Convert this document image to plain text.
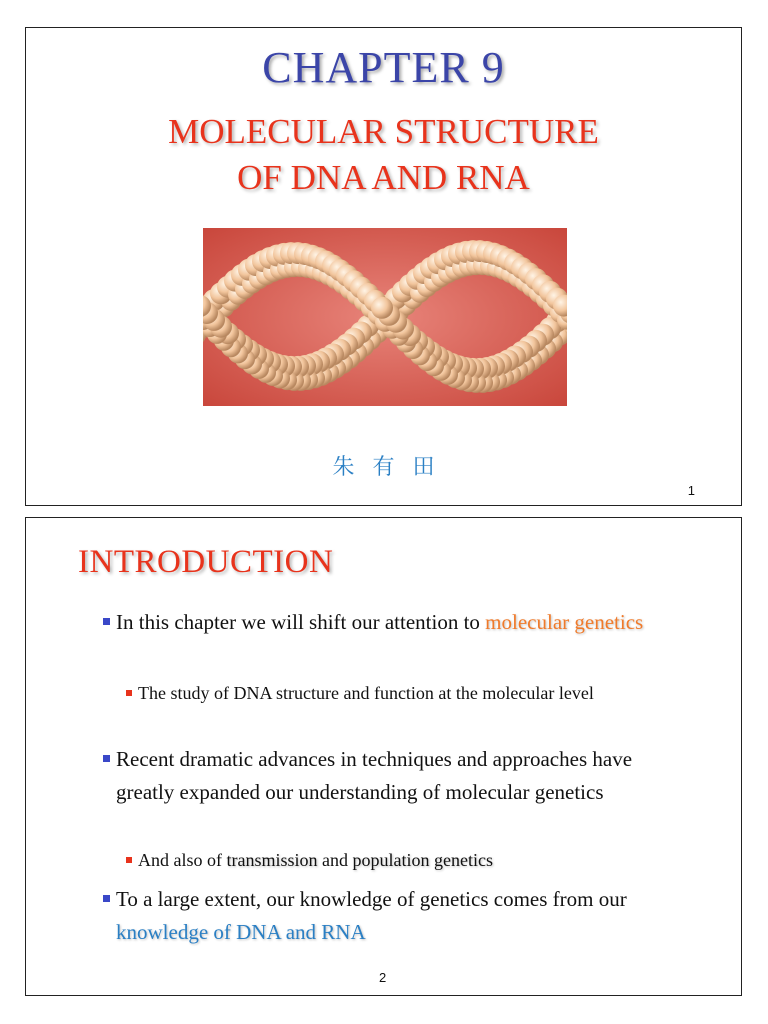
CHAPTER 9
MOLECULAR STRUCTURE
OF DNA AND RNA
朱有田
1
INTRODUCTION
In this chapter we will shift our attention to molecular genetics
The study of DNA structure and function at the molecular level
Recent dramatic advances in techniques and approaches have greatly expanded our understanding of molecular genetics
And also of transmission and population genetics
To a large extent, our knowledge of genetics comes from our knowledge of DNA and RNA
2
